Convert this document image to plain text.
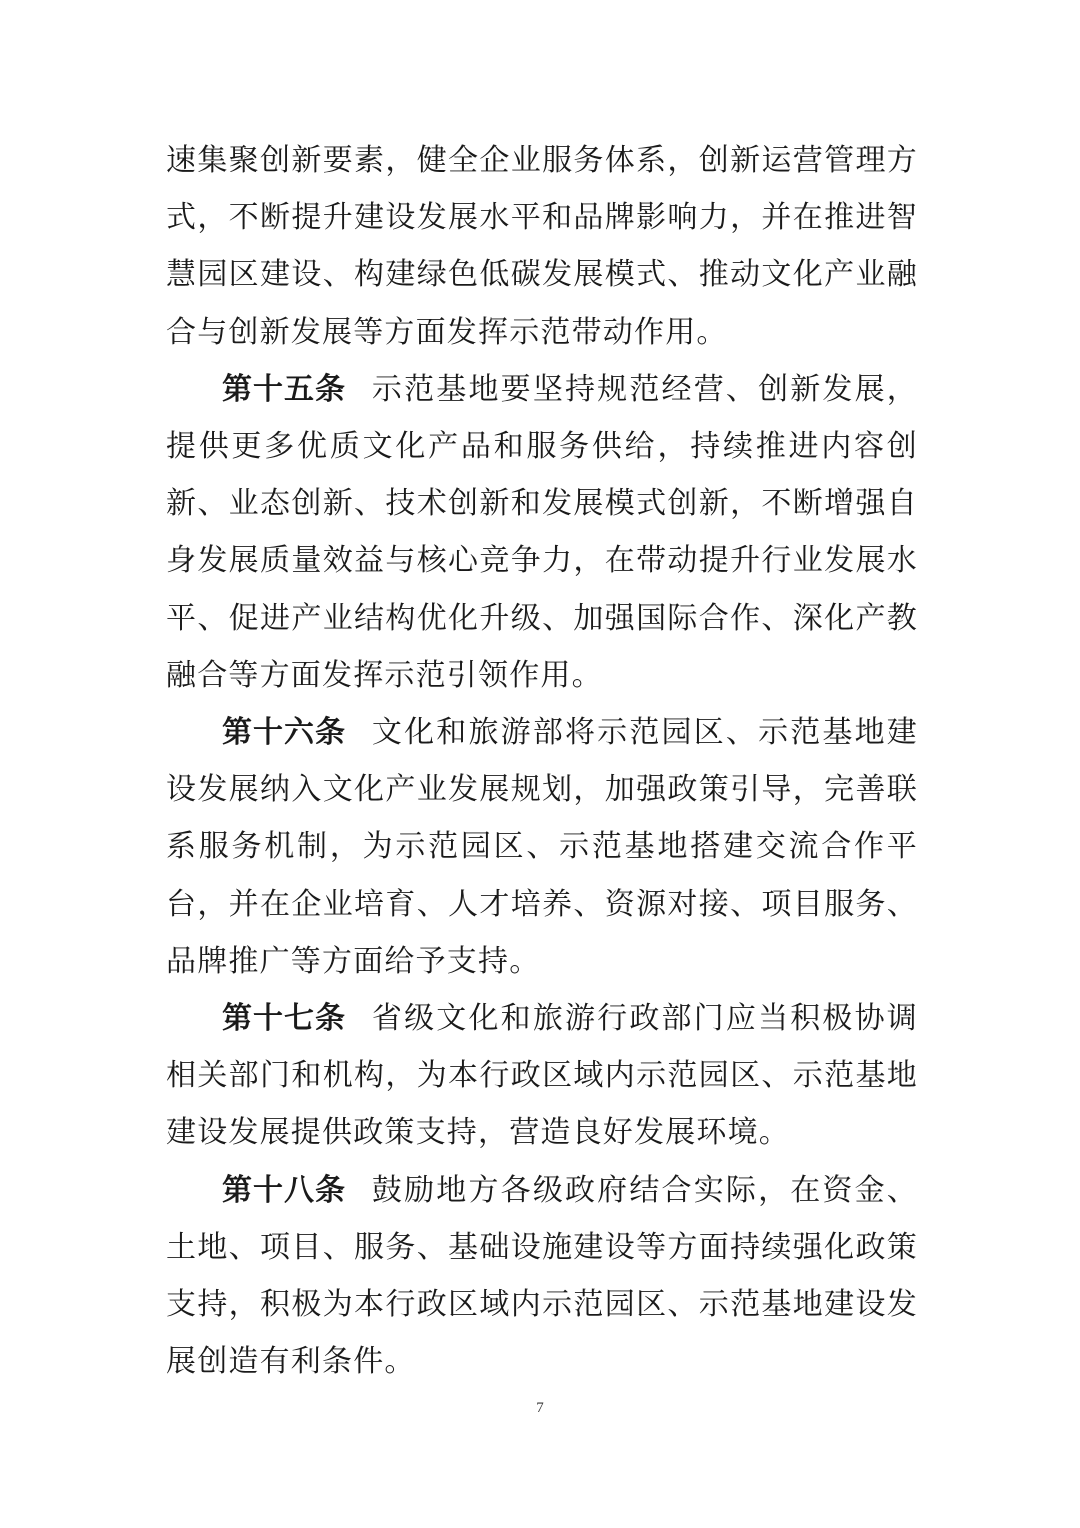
速集聚创新要素，健全企业服务体系，创新运营管理方式，不断提升建设发展水平和品牌影响力，并在推进智慧园区建设、构建绿色低碳发展模式、推动文化产业融合与创新发展等方面发挥示范带动作用。

第十五条 示范基地要坚持规范经营、创新发展，提供更多优质文化产品和服务供给，持续推进内容创新、业态创新、技术创新和发展模式创新，不断增强自身发展质量效益与核心竞争力，在带动提升行业发展水平、促进产业结构优化升级、加强国际合作、深化产教融合等方面发挥示范引领作用。

第十六条 文化和旅游部将示范园区、示范基地建设发展纳入文化产业发展规划，加强政策引导，完善联系服务机制，为示范园区、示范基地搭建交流合作平台，并在企业培育、人才培养、资源对接、项目服务、品牌推广等方面给予支持。

第十七条 省级文化和旅游行政部门应当积极协调相关部门和机构，为本行政区域内示范园区、示范基地建设发展提供政策支持，营造良好发展环境。

第十八条 鼓励地方各级政府结合实际，在资金、土地、项目、服务、基础设施建设等方面持续强化政策支持，积极为本行政区域内示范园区、示范基地建设发展创造有利条件。

7
